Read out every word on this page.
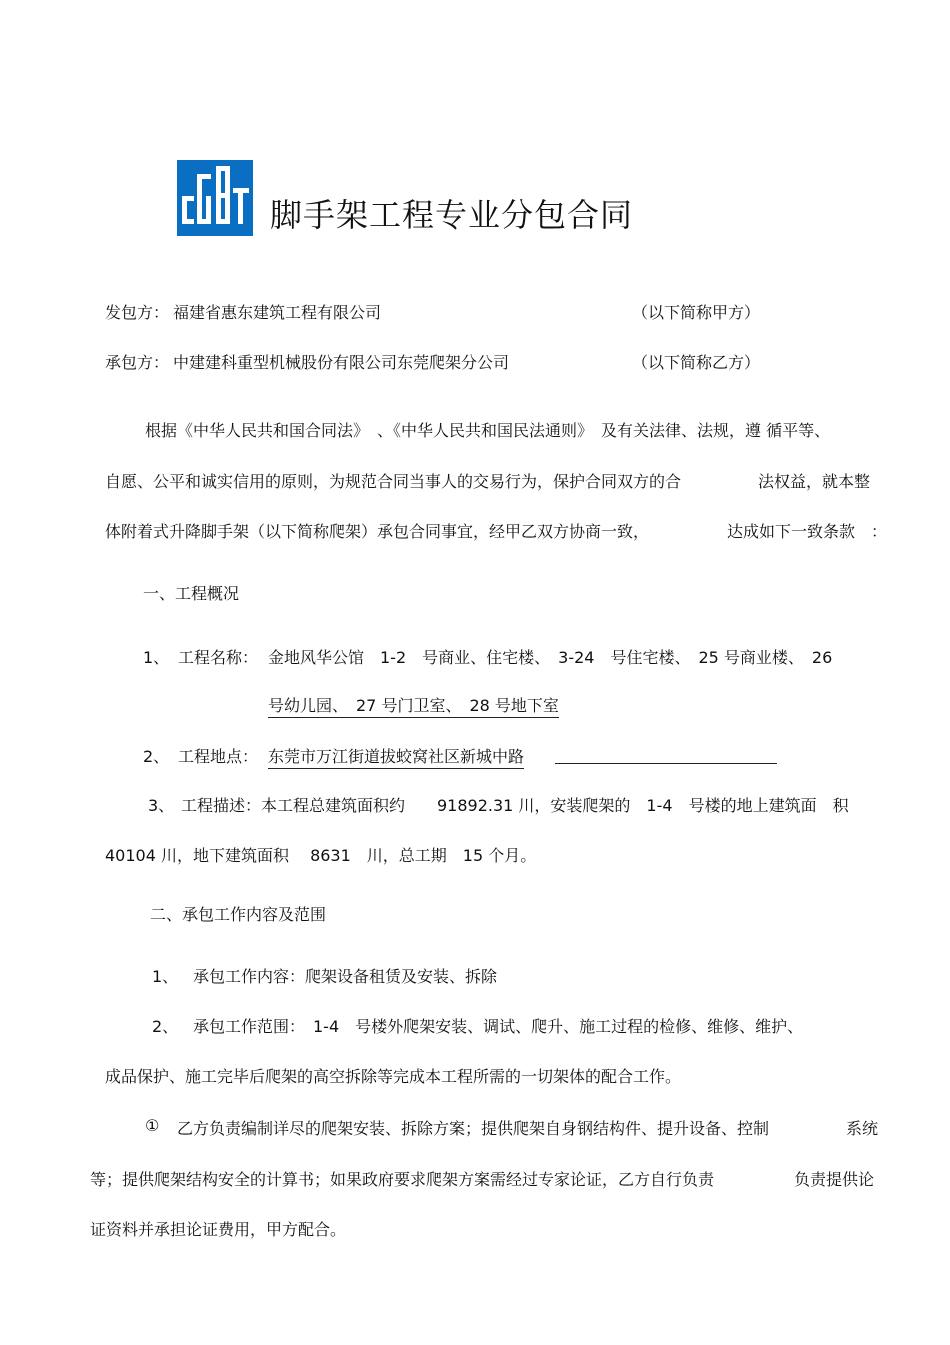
脚手架工程专业分包合同
发包方： 福建省惠东建筑工程有限公司	（以下简称甲方）
承包方： 中建建科重型机械股份有限公司东莞爬架分公司	（以下简称乙方）
根据《中华人民共和国合同法》　、《中华人民共和国民法通则》　及有关法律、法规，遵 循平等、
自愿、公平和诚实信用的原则，为规范合同当事人的交易行为，保护合同双方的合	法权益，就本整
体附着式升降脚手架（以下简称爬架）承包合同事宜，经甲乙双方协商一致，	达成如下一致条款　：
一、工程概况
1、 工程名称： 金地风华公馆　1-2　号商业、住宅楼、　3-24　号住宅楼、　25 号商业楼、　26
号幼儿园、　27 号门卫室、　28 号地下室
2、 工程地点： 东莞市万江街道拔蛟窝社区新城中路
3、 工程描述：本工程总建筑面积约　　91892.31 川，安装爬架的　1-4　号楼的地上建筑面　积
40104 川，地下建筑面积　 8631　川，总工期　15 个月。
二、承包工作内容及范围
1、 承包工作内容：爬架设备租赁及安装、拆除
2、 承包工作范围：　1-4　号楼外爬架安装、调试、爬升、施工过程的检修、维修、维护、
成品保护、施工完毕后爬架的高空拆除等完成本工程所需的一切架体的配合工作。
① 乙方负责编制详尽的爬架安装、拆除方案；提供爬架自身钢结构件、提升设备、控制	系统
等；提供爬架结构安全的计算书；如果政府要求爬架方案需经过专家论证，乙方自行负责	负责提供论
证资料并承担论证费用，甲方配合。
